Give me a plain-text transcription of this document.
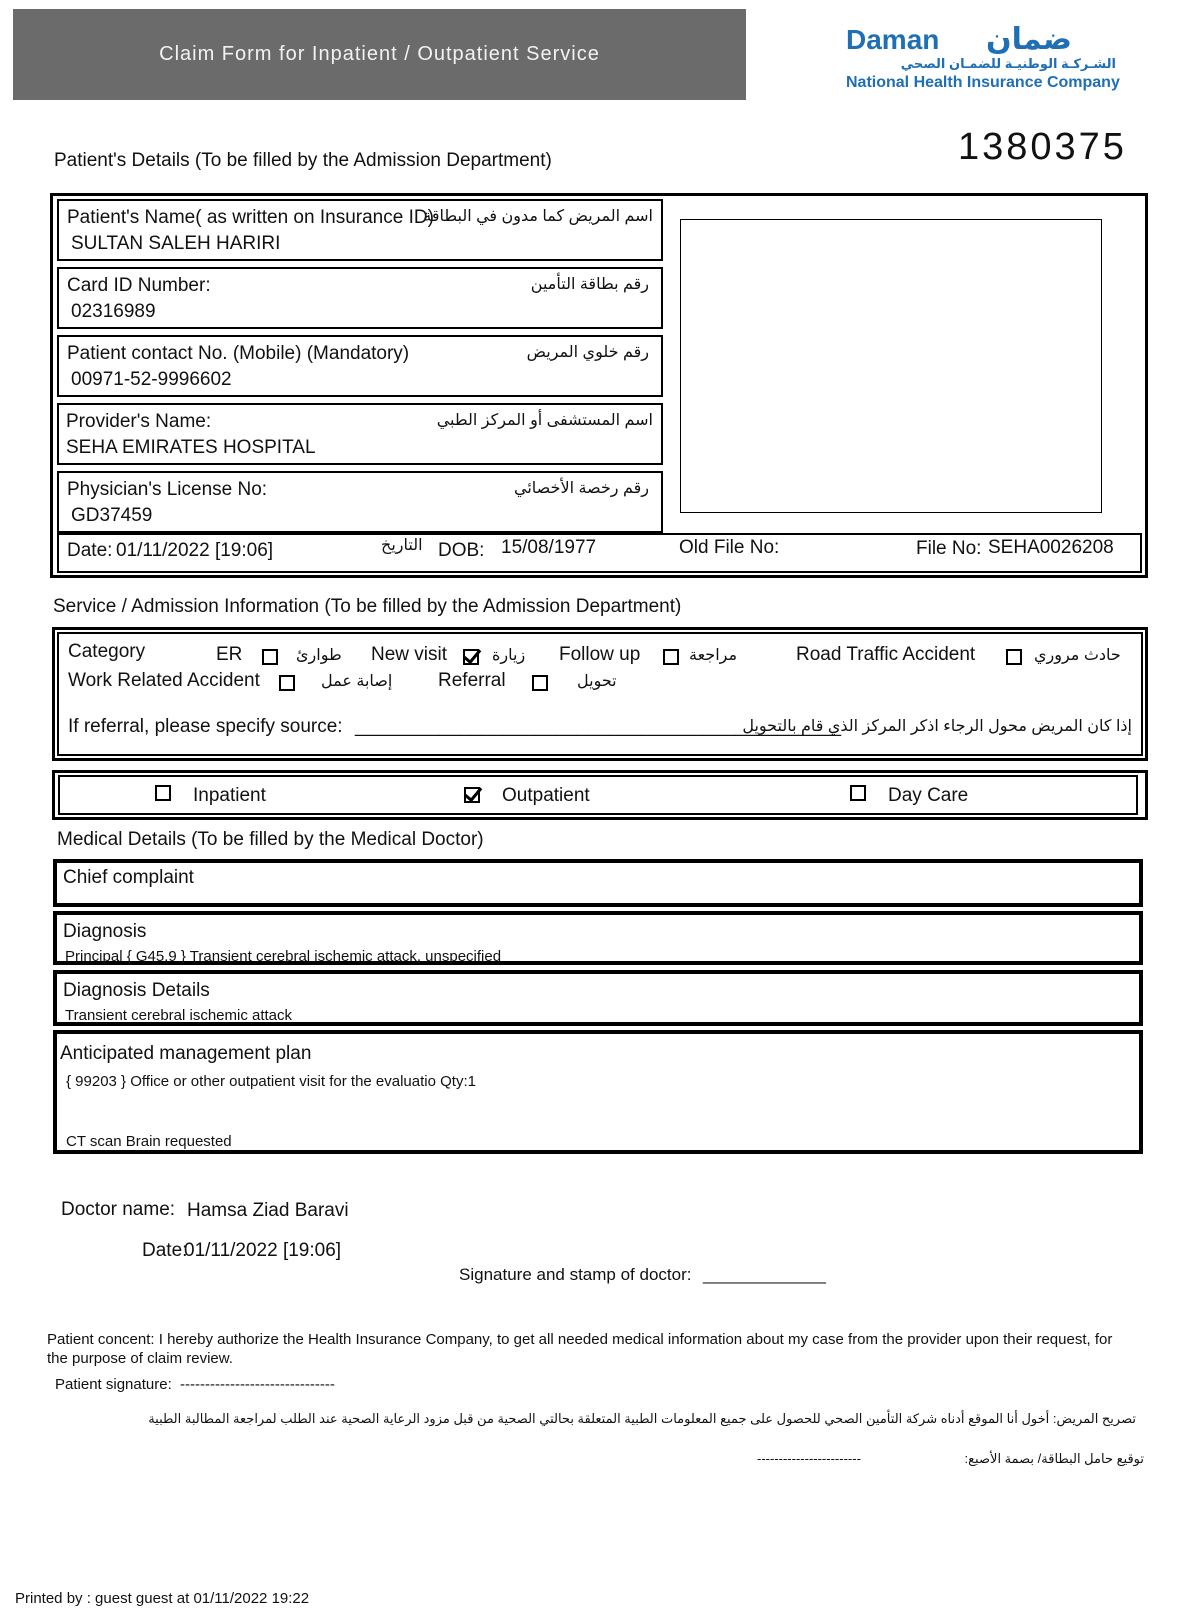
Claim Form for Inpatient / Outpatient Service	Daman ضمان
الشـركـة الوطنيـة للضمـان الصحي
National Health Insurance Company
Patient's Details (To be filled by the Admission Department)	1380375
Patient's Name( as written on Insurance ID)
اسم المريض كما مدون في البطاقة
SULTAN SALEH HARIRI
Card ID Number:	رقم بطاقة التأمين
02316989
Patient contact No. (Mobile) (Mandatory)	رقم خلوي المريض
00971-52-9996602
Provider's Name:	اسم المستشفى أو المركز الطبي
SEHA EMIRATES HOSPITAL
Physician's License No:	رقم رخصة الأخصائي
GD37459
Date: 01/11/2022 [19:06]	التاريخ DOB: 15/08/1977	Old File No:	File No: SEHA0026208
Service / Admission Information (To be filled by the Admission Department)
Category	ER	طوارئ New visit	زيارة Follow up	مراجعة	Road Traffic Accident	حادث مروري
Work Related Accident	إصابة عمل Referral	تحويل
If referral, please specify source: ______________________________________________
إذا كان المريض محول الرجاء اذكر المركز الذي قام بالتحويل
Inpatient	Outpatient	Day Care
Medical Details (To be filled by the Medical Doctor)
Chief complaint
Diagnosis
Principal { G45.9 } Transient cerebral ischemic attack, unspecified
Diagnosis Details
Transient cerebral ischemic attack
Anticipated management plan
{ 99203 } Office or other outpatient visit for the evaluatio Qty:1
CT scan Brain requested
Doctor name: Hamsa Ziad Baravi
Date:
01/11/2022 [19:06]
Signature and stamp of doctor: _____________
Patient concent: I hereby authorize the Health Insurance Company, to get all needed medical information about my case from the provider upon their request, for the purpose of claim review.
Patient signature: -------------------------------
تصريح المريض: أخول أنا الموقع أدناه شركة التأمين الصحي للحصول على جميع المعلومات الطبية المتعلقة بحالتي الصحية من قبل مزود الرعاية الصحية عند الطلب لمراجعة المطالبة الطبية
توقيع حامل البطاقة/ بصمة الأصبع:
------------------------
Printed by : guest guest at 01/11/2022 19:22
